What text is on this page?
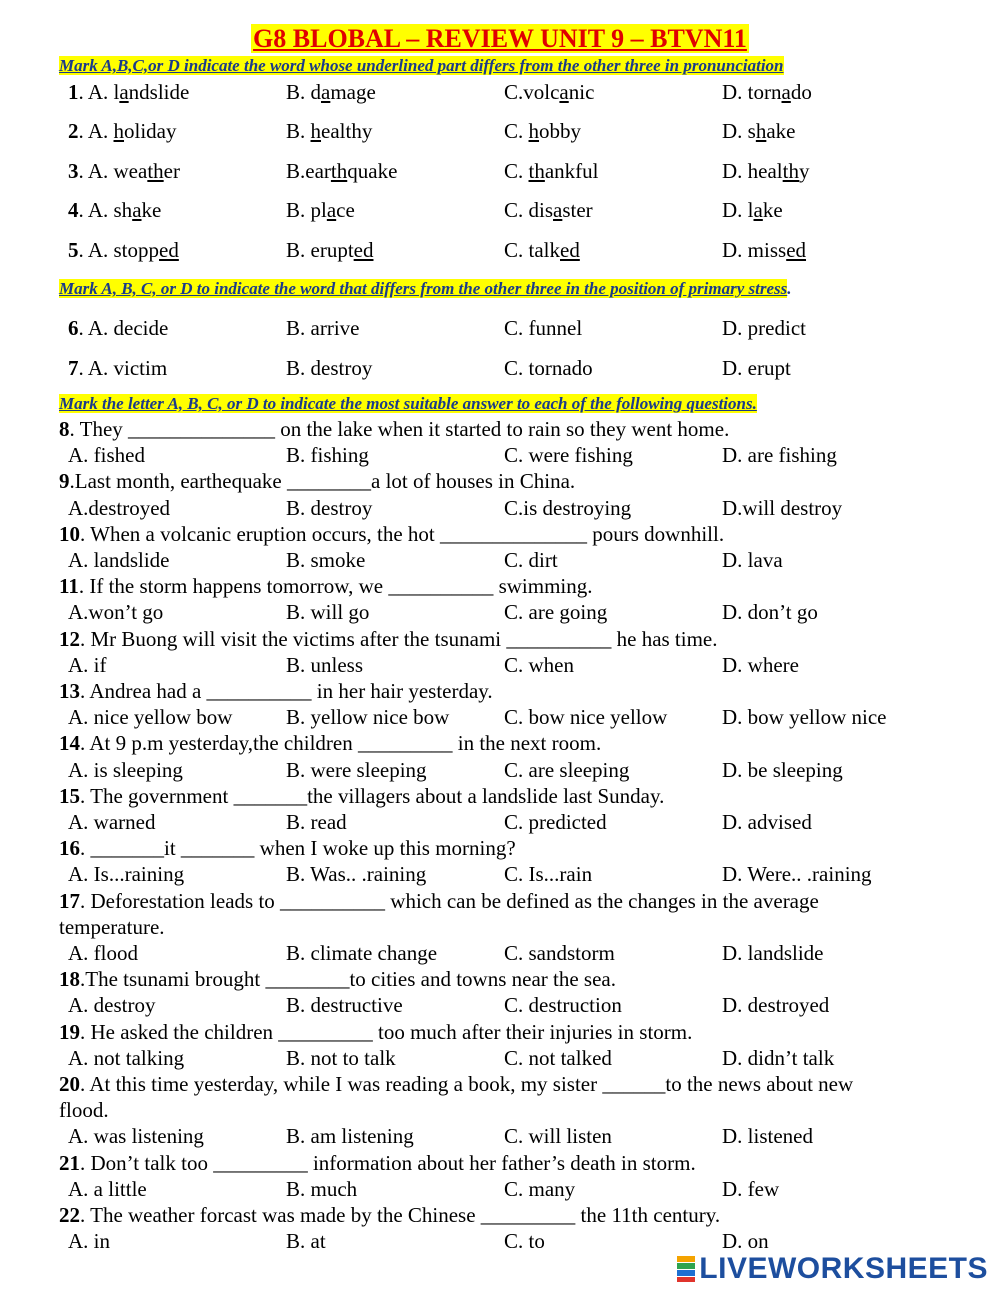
G8 BLOBAL – REVIEW UNIT 9 – BTVN11
Mark A,B,C,or D indicate the word whose underlined part differs from the other three in pronunciation
1. A. landslide	B. damage	C.volcanic	D. tornado
2. A. holiday	B. healthy	C. hobby	D. shake
3. A. weather	B.earthquake	C. thankful	D. healthy
4. A. shake	B. place	C. disaster	D. lake
5. A. stopped	B. erupted	C. talked	D. missed
Mark A, B, C, or D to indicate the word that differs from the other three in the position of primary stress.
6. A. decide	B. arrive	C. funnel	D. predict
7. A. victim	B. destroy	C. tornado	D. erupt
Mark the letter A, B, C, or D to indicate the most suitable answer to each of the following questions.
8. They ______________ on the lake when it started to rain so they went home.
A. fished	B. fishing	C. were fishing	D. are fishing
9.Last month, earthequake ________a lot of houses in China.
A.destroyed	B. destroy	C.is destroying	D.will destroy
10. When a volcanic eruption occurs, the hot ______________ pours downhill.
A. landslide	B. smoke	C. dirt	D. lava
11. If the storm happens tomorrow, we __________ swimming.
A.won’t go	B. will go	C. are going	D. don’t go
12. Mr Buong will visit the victims after the tsunami __________ he has time.
A. if	B. unless	C. when	D. where
13. Andrea had a __________ in her hair yesterday.
A. nice yellow bow	B. yellow nice bow	C. bow nice yellow	D. bow yellow nice
14. At 9 p.m yesterday,the children _________ in the next room.
A. is sleeping	B. were sleeping	C. are sleeping	D. be sleeping
15. The government _______the villagers about a landslide last Sunday.
A. warned	B. read	C. predicted	D. advised
16. _______it _______ when I woke up this morning?
A. Is...raining	B. Was.. .raining	C. Is...rain	D. Were.. .raining
17. Deforestation leads to __________ which can be defined as the changes in the average
temperature.
A. flood	B. climate change	C. sandstorm	D. landslide
18.The tsunami brought ________to cities and towns near the sea.
A. destroy	B. destructive	C. destruction	D. destroyed
19. He asked the children _________ too much after their injuries in storm.
A. not talking	B. not to talk	C. not talked	D. didn’t talk
20. At this time yesterday, while I was reading a book, my sister ______to the news about new
flood.
A. was listening	B. am listening	C. will listen	D. listened
21. Don’t talk too _________ information about her father’s death in storm.
A. a little	B. much	C. many	D. few
22. The weather forcast was made by the Chinese _________ the 11th century.
A. in	B. at	C. to	D. on
LIVEWORKSHEETS
